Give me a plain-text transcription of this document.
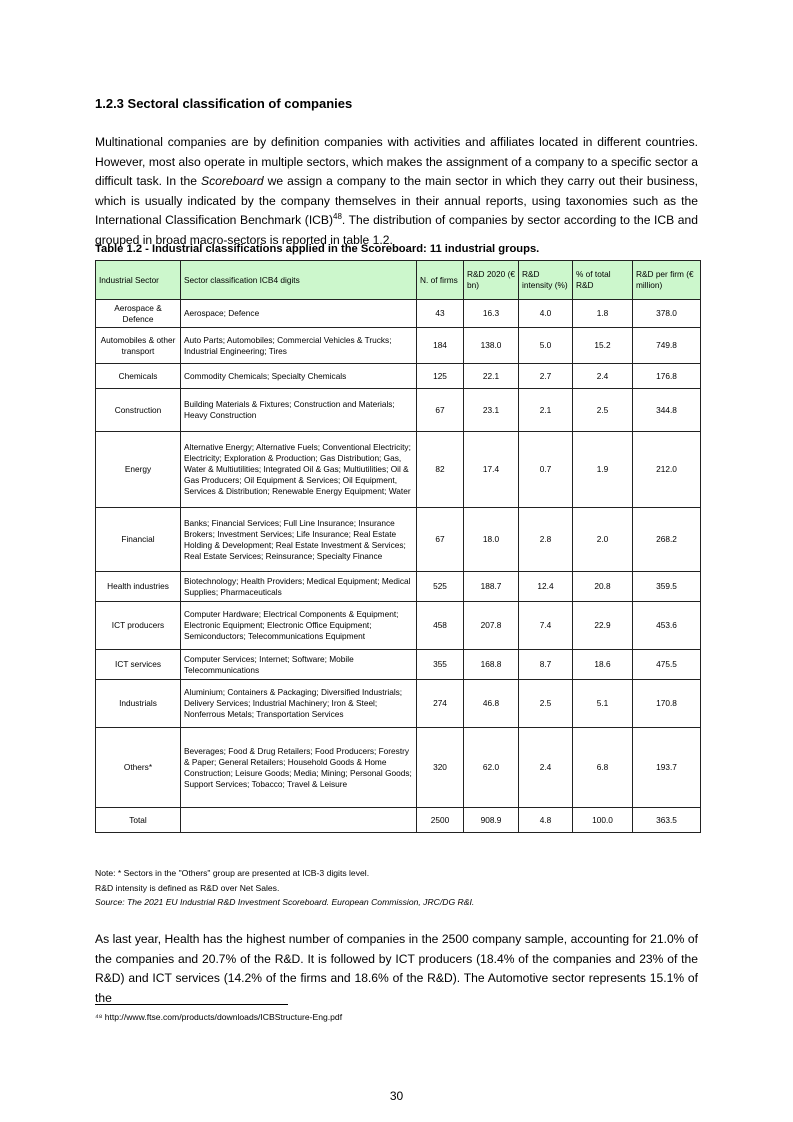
1.2.3 Sectoral classification of companies

Multinational companies are by definition companies with activities and affiliates located in different countries. However, most also operate in multiple sectors, which makes the assignment of a company to a specific sector a difficult task. In the Scoreboard we assign a company to the main sector in which they carry out their business, which is usually indicated by the company themselves in their annual reports, using taxonomies such as the International Classification Benchmark (ICB)$^{48}$. The distribution of companies by sector according to the ICB and grouped in broad macro-sectors is reported in table 1.2.

Table 1.2 - Industrial classifications applied in the Scoreboard: 11 industrial groups.

Industrial Sector	Sector classification ICB4 digits	N. of firms	R&D 2020 (€ bn)	R&D intensity (%)	% of total R&D	R&D per firm (€ million)
Aerospace & Defence	Aerospace; Defence	43	16.3	4.0	1.8	378.0
Automobiles & other transport	Auto Parts; Automobiles; Commercial Vehicles & Trucks; Industrial Engineering; Tires	184	138.0	5.0	15.2	749.8
Chemicals	Commodity Chemicals; Specialty Chemicals	125	22.1	2.7	2.4	176.8
Construction	Building Materials & Fixtures; Construction and Materials; Heavy Construction	67	23.1	2.1	2.5	344.8
Energy	Alternative Energy; Alternative Fuels; Conventional Electricity; Electricity; Exploration & Production; Gas Distribution; Gas, Water & Multiutilities; Integrated Oil & Gas; Multiutilities; Oil & Gas Producers; Oil Equipment & Services; Oil Equipment, Services & Distribution; Renewable Energy Equipment; Water	82	17.4	0.7	1.9	212.0
Financial	Banks; Financial Services; Full Line Insurance; Insurance Brokers; Investment Services; Life Insurance; Real Estate Holding & Development; Real Estate Investment & Services; Real Estate Services; Reinsurance; Specialty Finance	67	18.0	2.8	2.0	268.2
Health industries	Biotechnology; Health Providers; Medical Equipment; Medical Supplies; Pharmaceuticals	525	188.7	12.4	20.8	359.5
ICT producers	Computer Hardware; Electrical Components & Equipment; Electronic Equipment; Electronic Office Equipment; Semiconductors; Telecommunications Equipment	458	207.8	7.4	22.9	453.6
ICT services	Computer Services; Internet; Software; Mobile Telecommunications	355	168.8	8.7	18.6	475.5
Industrials	Aluminium; Containers & Packaging; Diversified Industrials; Delivery Services; Industrial Machinery; Iron & Steel; Nonferrous Metals; Transportation Services	274	46.8	2.5	5.1	170.8
Others*	Beverages; Food & Drug Retailers; Food Producers; Forestry & Paper; General Retailers; Household Goods & Home Construction; Leisure Goods; Media; Mining; Personal Goods; Support Services; Tobacco; Travel & Leisure	320	62.0	2.4	6.8	193.7
Total		2500	908.9	4.8	100.0	363.5
Note: * Sectors in the "Others" group are presented at ICB-3 digits level.
R&D intensity is defined as R&D over Net Sales.
Source: The 2021 EU Industrial R&D Investment Scoreboard. European Commission, JRC/DG R&I.

As last year, Health has the highest number of companies in the 2500 company sample, accounting for 21.0% of the companies and 20.7% of the R&D. It is followed by ICT producers (18.4% of the companies and 23% of the R&D) and ICT services (14.2% of the firms and 18.6% of the R&D). The Automotive sector represents 15.1% of the

⁴⁸ http://www.ftse.com/products/downloads/ICBStructure-Eng.pdf

30
